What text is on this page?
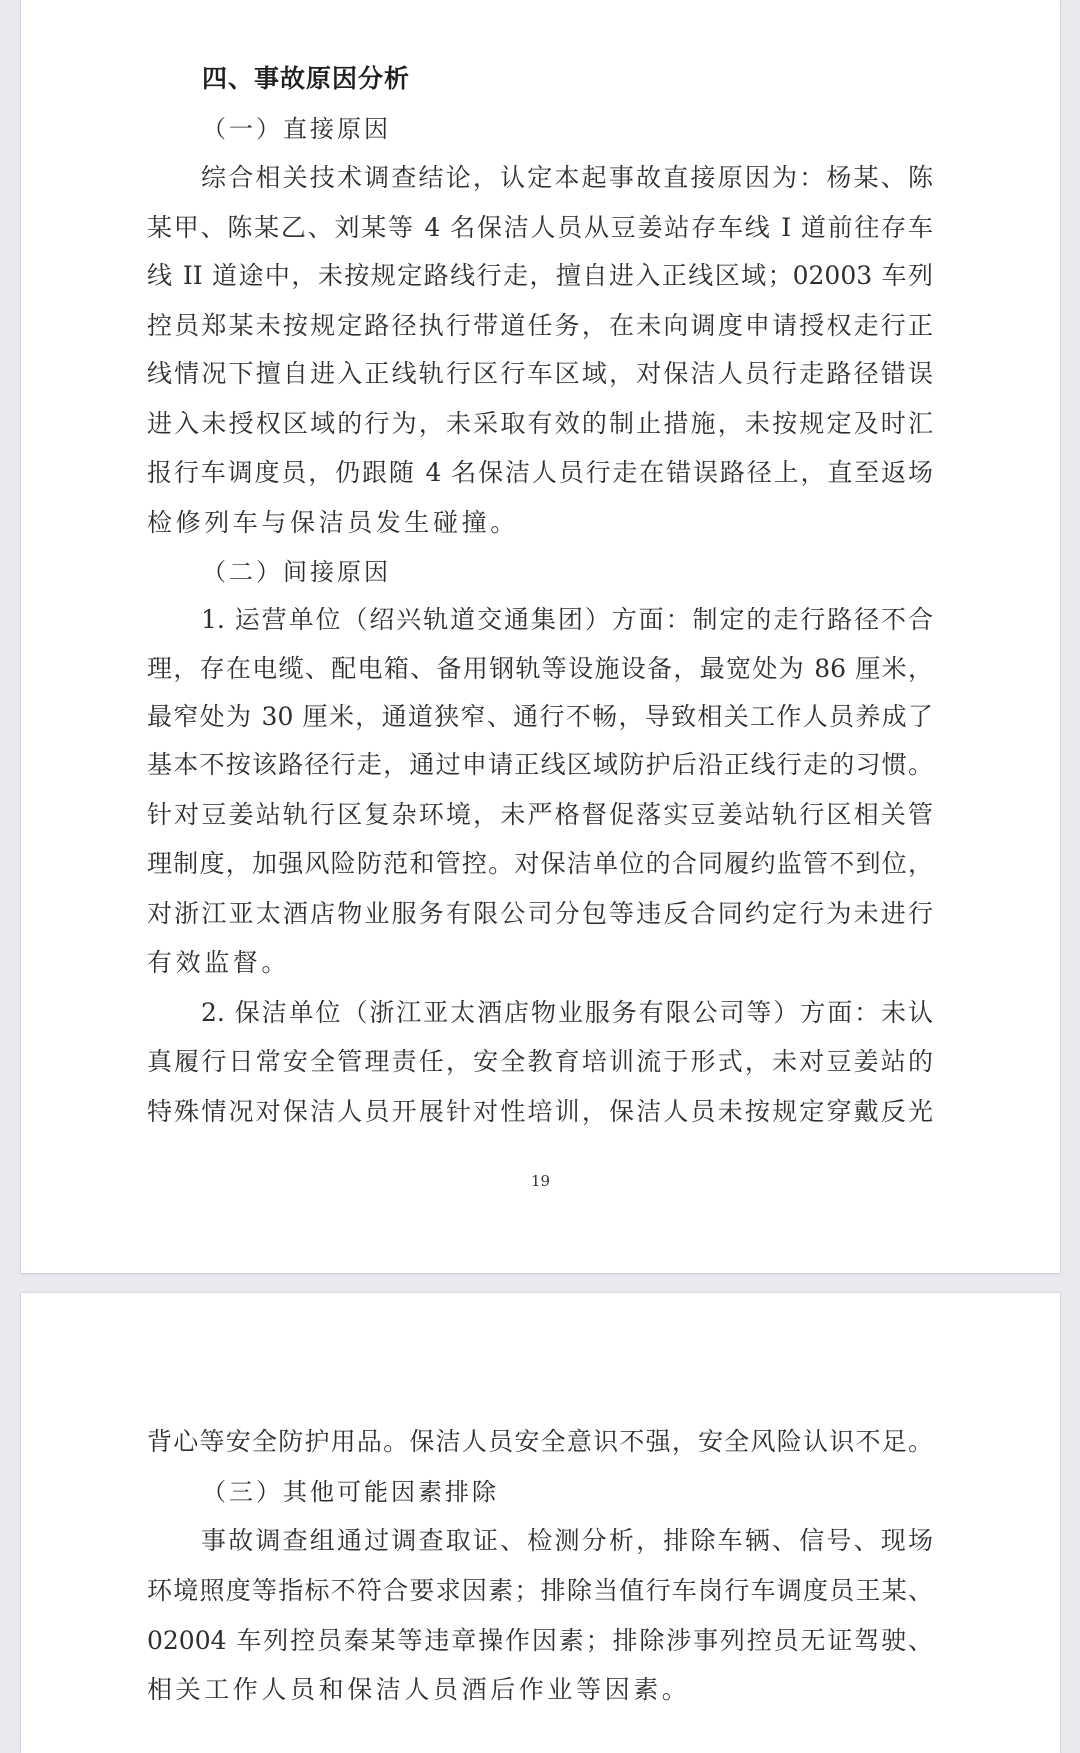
四、事故原因分析
（一）直接原因
综合相关技术调查结论，认定本起事故直接原因为：杨某、陈
某甲、陈某乙、刘某等 4 名保洁人员从豆姜站存车线 I 道前往存车
线 II 道途中，未按规定路线行走，擅自进入正线区域；02003 车列
控员郑某未按规定路径执行带道任务，在未向调度申请授权走行正
线情况下擅自进入正线轨行区行车区域，对保洁人员行走路径错误
进入未授权区域的行为，未采取有效的制止措施，未按规定及时汇
报行车调度员，仍跟随 4 名保洁人员行走在错误路径上，直至返场
检修列车与保洁员发生碰撞。
（二）间接原因
1. 运营单位（绍兴轨道交通集团）方面：制定的走行路径不合
理，存在电缆、配电箱、备用钢轨等设施设备，最宽处为 86 厘米，
最窄处为 30 厘米，通道狭窄、通行不畅，导致相关工作人员养成了
基本不按该路径行走，通过申请正线区域防护后沿正线行走的习惯。
针对豆姜站轨行区复杂环境，未严格督促落实豆姜站轨行区相关管
理制度，加强风险防范和管控。对保洁单位的合同履约监管不到位，
对浙江亚太酒店物业服务有限公司分包等违反合同约定行为未进行
有效监督。
2. 保洁单位（浙江亚太酒店物业服务有限公司等）方面：未认
真履行日常安全管理责任，安全教育培训流于形式，未对豆姜站的
特殊情况对保洁人员开展针对性培训，保洁人员未按规定穿戴反光
19
背心等安全防护用品。保洁人员安全意识不强，安全风险认识不足。
（三）其他可能因素排除
事故调查组通过调查取证、检测分析，排除车辆、信号、现场
环境照度等指标不符合要求因素；排除当值行车岗行车调度员王某、
02004 车列控员秦某等违章操作因素；排除涉事列控员无证驾驶、
相关工作人员和保洁人员酒后作业等因素。
